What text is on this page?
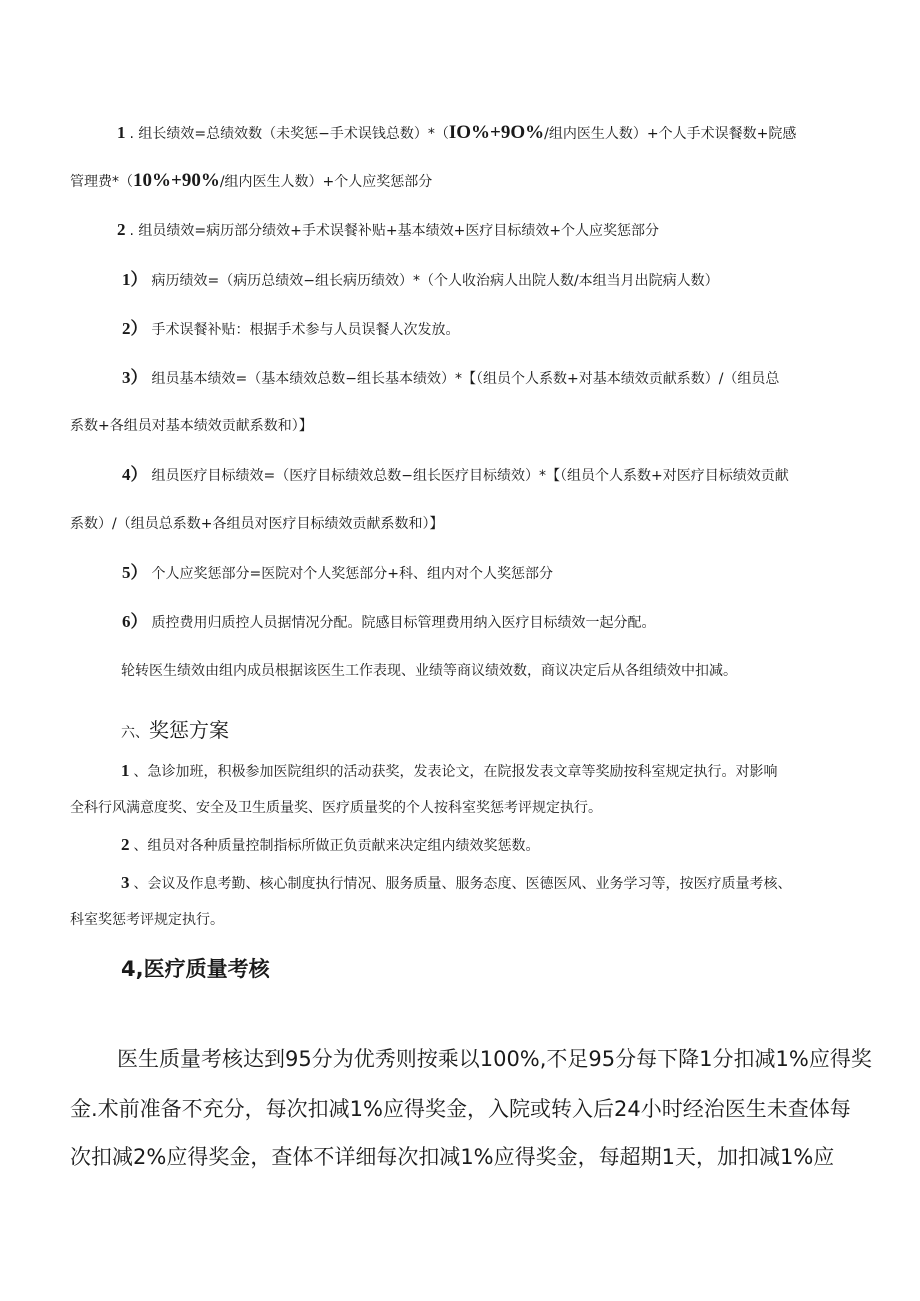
1 . 组长绩效=总绩效数（未奖惩−手术误钱总数）*（IO%+9O%/组内医生人数）+个人手术误餐数+院感
管理费*（10%+90%/组内医生人数）+个人应奖惩部分
2 . 组员绩效=病历部分绩效+手术误餐补贴+基本绩效+医疗目标绩效+个人应奖惩部分
1） 病历绩效=（病历总绩效−组长病历绩效）*（个人收治病人出院人数/本组当月出院病人数）
2） 手术误餐补贴：根据手术参与人员误餐人次发放。
3） 组员基本绩效=（基本绩效总数−组长基本绩效）*【（组员个人系数+对基本绩效贡献系数）/（组员总
系数+各组员对基本绩效贡献系数和）】
4） 组员医疗目标绩效=（医疗目标绩效总数−组长医疗目标绩效）*【（组员个人系数+对医疗目标绩效贡献
系数）/（组员总系数+各组员对医疗目标绩效贡献系数和）】
5） 个人应奖惩部分=医院对个人奖惩部分+科、组内对个人奖惩部分
6） 质控费用归质控人员据情况分配。院感目标管理费用纳入医疗目标绩效一起分配。
轮转医生绩效由组内成员根据该医生工作表现、业绩等商议绩效数，商议决定后从各组绩效中扣减。
六、奖惩方案
1 、急诊加班，积极参加医院组织的活动获奖，发表论文，在院报发表文章等奖励按科室规定执行。对影响
全科行风满意度奖、安全及卫生质量奖、医疗质量奖的个人按科室奖惩考评规定执行。
2 、组员对各种质量控制指标所做正负贡献来决定组内绩效奖惩数。
3 、会议及作息考勤、核心制度执行情况、服务质量、服务态度、医德医风、业务学习等，按医疗质量考核、
科室奖惩考评规定执行。
4,医疗质量考核
医生质量考核达到95分为优秀则按乘以100%,不足95分每下降1分扣减1%应得奖
金.术前准备不充分，每次扣减1%应得奖金，入院或转入后24小时经治医生未查体每
次扣减2%应得奖金，查体不详细每次扣减1%应得奖金，每超期1天，加扣减1%应
